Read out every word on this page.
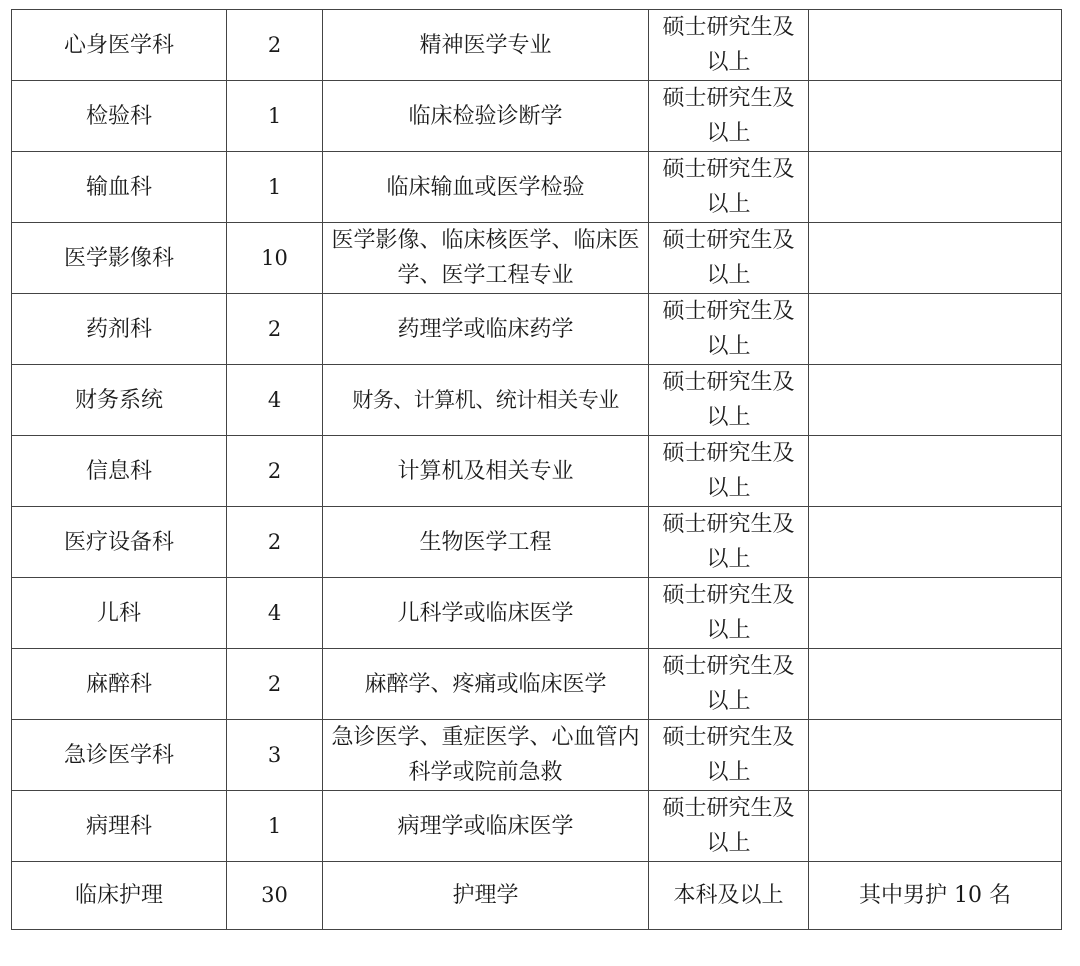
心身医学科	2	精神医学专业	硕士研究生及以上	
检验科	1	临床检验诊断学	硕士研究生及以上	
输血科	1	临床输血或医学检验	硕士研究生及以上	
医学影像科	10	医学影像、临床核医学、临床医学、医学工程专业	硕士研究生及以上	
药剂科	2	药理学或临床药学	硕士研究生及以上	
财务系统	4	财务、计算机、统计相关专业	硕士研究生及以上	
信息科	2	计算机及相关专业	硕士研究生及以上	
医疗设备科	2	生物医学工程	硕士研究生及以上	
儿科	4	儿科学或临床医学	硕士研究生及以上	
麻醉科	2	麻醉学、疼痛或临床医学	硕士研究生及以上	
急诊医学科	3	急诊医学、重症医学、心血管内科学或院前急救	硕士研究生及以上	
病理科	1	病理学或临床医学	硕士研究生及以上	
临床护理	30	护理学	本科及以上	其中男护 10 名
